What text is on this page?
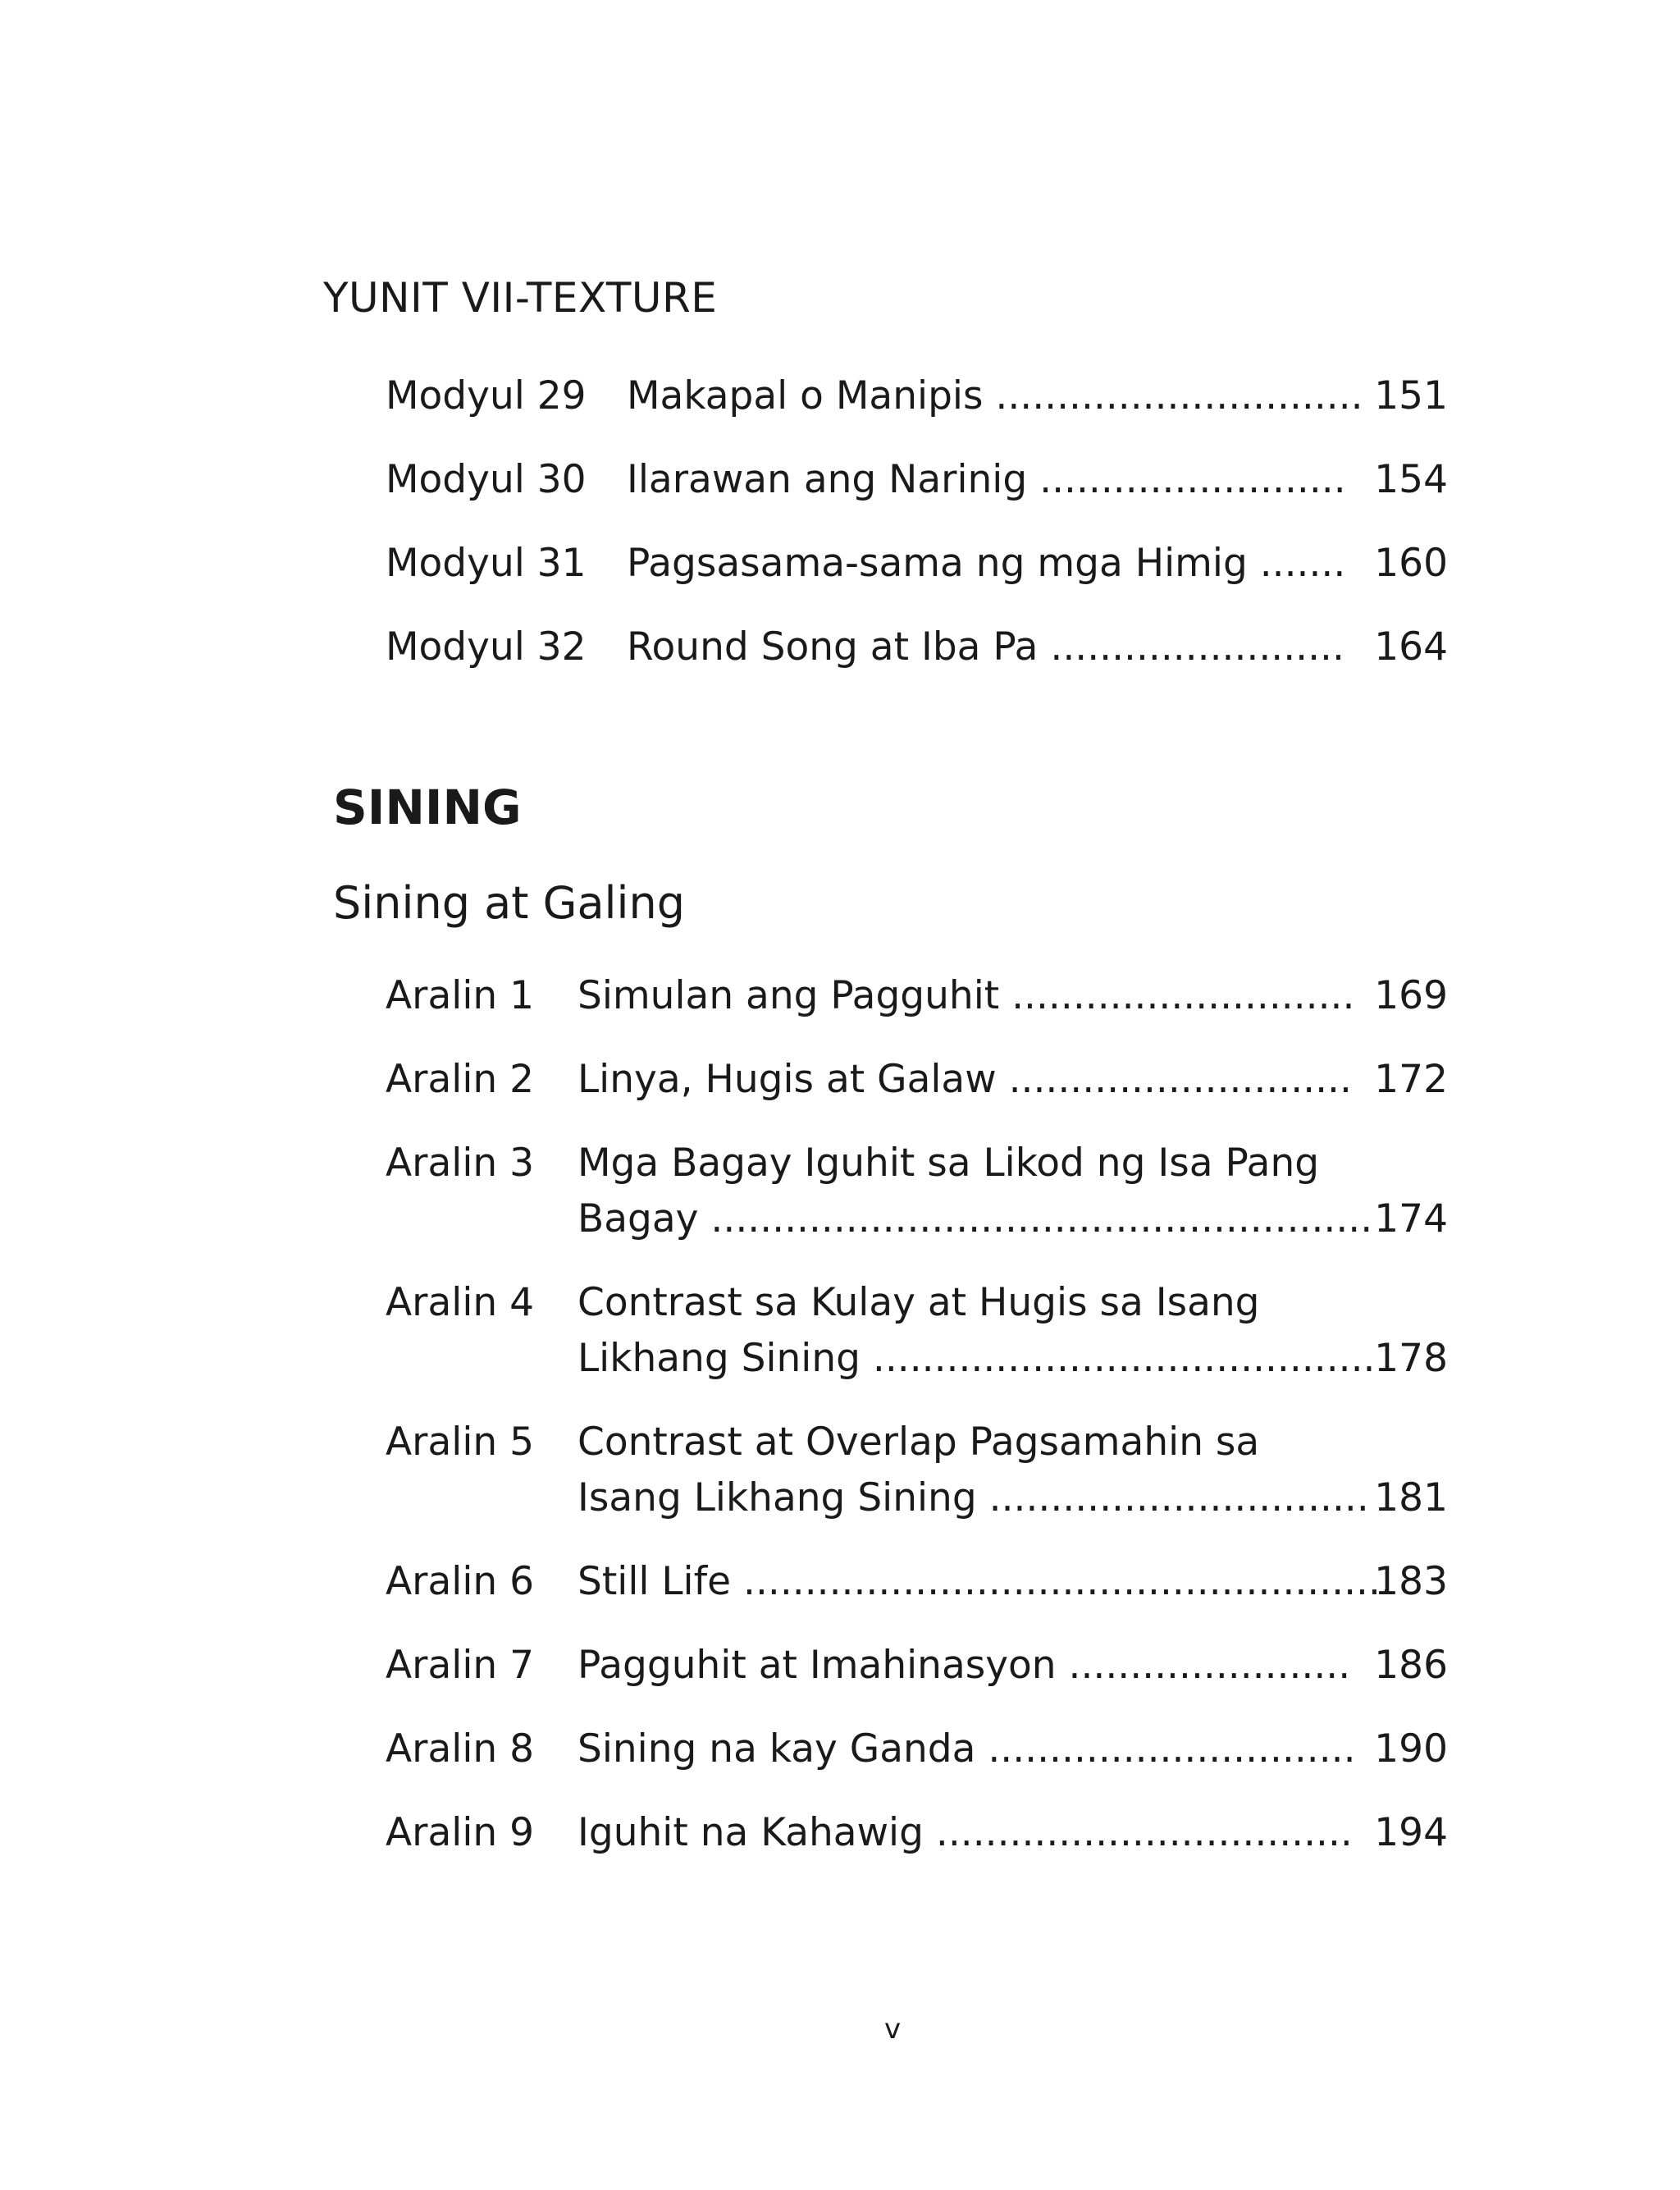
YUNIT VII-TEXTURE
Modyul 29 Makapal o Manipis .............................. 151
Modyul 30 Ilarawan ang Narinig ......................... 154
Modyul 31 Pagsasama-sama ng mga Himig ....... 160
Modyul 32 Round Song at Iba Pa ........................ 164
SINING
Sining at Galing
Aralin 1 Simulan ang Pagguhit ............................ 169
Aralin 2 Linya, Hugis at Galaw ............................ 172
Aralin 3 Mga Bagay Iguhit sa Likod ng Isa Pang
Bagay ...................................................... 174
Aralin 4 Contrast sa Kulay at Hugis sa Isang
Likhang Sining .........................................
178
Aralin 5 Contrast at Overlap Pagsamahin sa
Isang Likhang Sining ............................... 181
Aralin 6 Still Life .....................................................
183
Aralin 7 Pagguhit at Imahinasyon ....................... 186
Aralin 8 Sining na kay Ganda .............................. 190
Aralin 9 Iguhit na Kahawig .................................. 194
v
